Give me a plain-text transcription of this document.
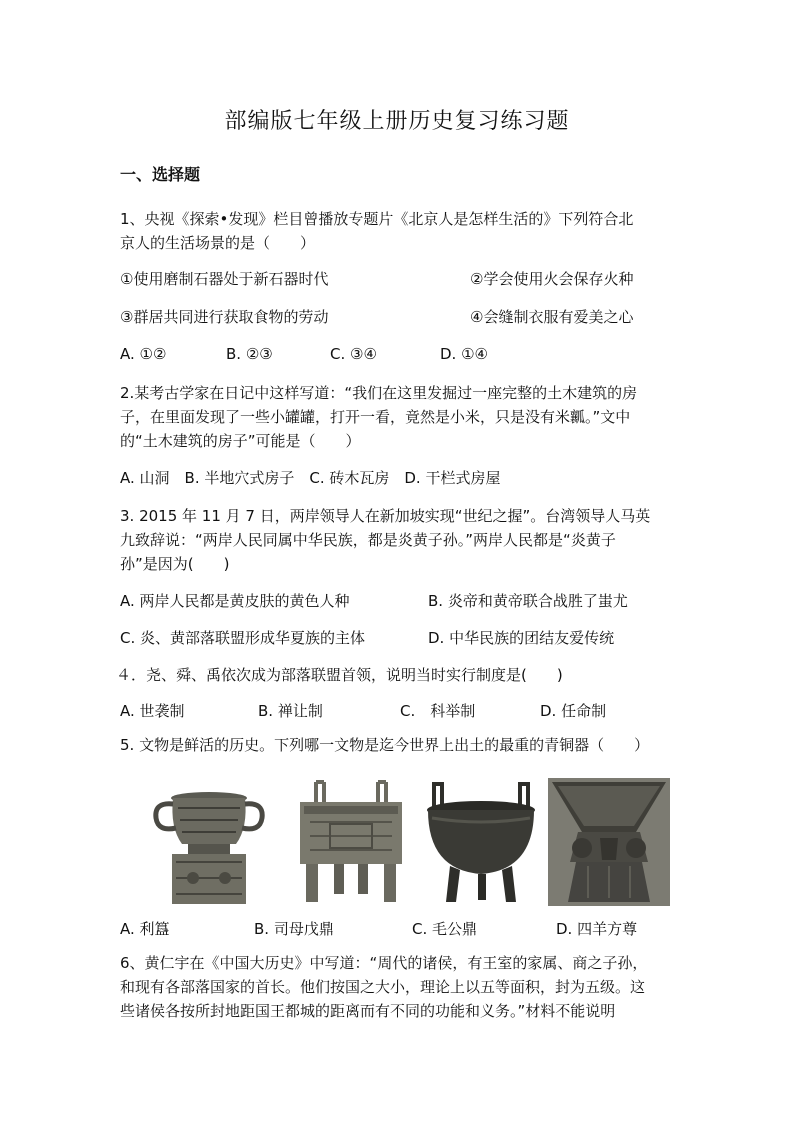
部编版七年级上册历史复习练习题
一、选择题
1、央视《探索•发现》栏目曾播放专题片《北京人是怎样生活的》下列符合北
京人的生活场景的是（　　）
①使用磨制石器处于新石器时代	②学会使用火会保存火种
③群居共同进行获取食物的劳动	④会缝制衣服有爱美之心
A. ①②	B. ②③	C. ③④	D. ①④
2.某考古学家在日记中这样写道：“我们在这里发掘过一座完整的土木建筑的房
子，在里面发现了一些小罐罐，打开一看，竟然是小米，只是没有米瓤。”文中
的“土木建筑的房子”可能是（　　）
A. 山洞　B. 半地穴式房子　C. 砖木瓦房　D. 干栏式房屋
3. 2015 年 11 月 7 日，两岸领导人在新加坡实现“世纪之握”。台湾领导人马英
九致辞说：“两岸人民同属中华民族，都是炎黄子孙。”两岸人民都是“炎黄子
孙”是因为(　　)
A. 两岸人民都是黄皮肤的黄色人种	B. 炎帝和黄帝联合战胜了蚩尤
C. 炎、黄部落联盟形成华夏族的主体	D. 中华民族的团结友爱传统
４．尧、舜、禹依次成为部落联盟首领，说明当时实行制度是(　　)
A. 世袭制	B. 禅让制	C.　科举制	D. 任命制
5. 文物是鲜活的历史。下列哪一文物是迄今世界上出土的最重的青铜器（　　）
A. 利簋	B. 司母戊鼎	C. 毛公鼎	D. 四羊方尊
6、黄仁宇在《中国大历史》中写道：“周代的诸侯，有王室的家属、商之子孙，
和现有各部落国家的首长。他们按国之大小，理论上以五等面积，封为五级。这
些诸侯各按所封地距国王都城的距离而有不同的功能和义务。”材料不能说明
